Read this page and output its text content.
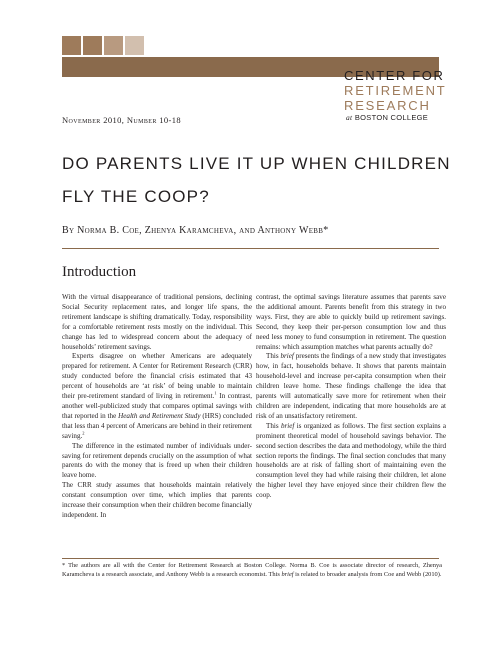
CENTER FOR
RETIREMENT
RESEARCH
at BOSTON COLLEGE
November 2010, Number 10-18
DO PARENTS LIVE IT UP WHEN CHILDREN FLY THE COOP?
By Norma B. Coe, Zhenya Karamcheva, and Anthony Webb*
Introduction

With the virtual disappearance of traditional pensions, declining Social Security replacement rates, and longer life spans, the retirement landscape is shifting dramatically. Today, responsibility for a comfortable retirement rests mostly on the individual. This change has led to widespread concern about the adequacy of households’ retirement savings.

Experts disagree on whether Americans are adequately prepared for retirement. A Center for Retirement Research (CRR) study conducted before the financial crisis estimated that 43 percent of households are ‘at risk’ of being unable to maintain their pre-retirement standard of living in retirement.$^1$ In contrast, another well-publicized study that compares optimal savings with that reported in the Health and Retirement Study (HRS) concluded that less than 4 percent of Americans are behind in their retirement saving.$^2$

The difference in the estimated number of individuals under-saving for retirement depends crucially on the assumption of what parents do with the money that is freed up when their children leave home.

The CRR study assumes that households maintain relatively constant consumption over time, which implies that parents increase their consumption when their children become financially independent. In

contrast, the optimal savings literature assumes that parents save the additional amount. Parents benefit from this strategy in two ways. First, they are able to quickly build up retirement savings. Second, they keep their per-person consumption low and thus need less money to fund consumption in retirement. The question remains: which assumption matches what parents actually do?

This brief presents the findings of a new study that investigates how, in fact, households behave. It shows that parents maintain household-level and increase per-capita consumption when their children leave home. These findings challenge the idea that parents will automatically save more for retirement when their children are independent, indicating that more households are at risk of an unsatisfactory retirement.

This brief is organized as follows. The first section explains a prominent theoretical model of household savings behavior. The second section describes the data and methodology, while the third section reports the findings. The final section concludes that many households are at risk of falling short of maintaining even the consumption level they had while raising their children, let alone the higher level they have enjoyed since their children flew the coop.

* The authors are all with the Center for Retirement Research at Boston College. Norma B. Coe is associate director of research, Zhenya Karamcheva is a research associate, and Anthony Webb is a research economist. This brief is related to broader analysis from Coe and Webb (2010).
